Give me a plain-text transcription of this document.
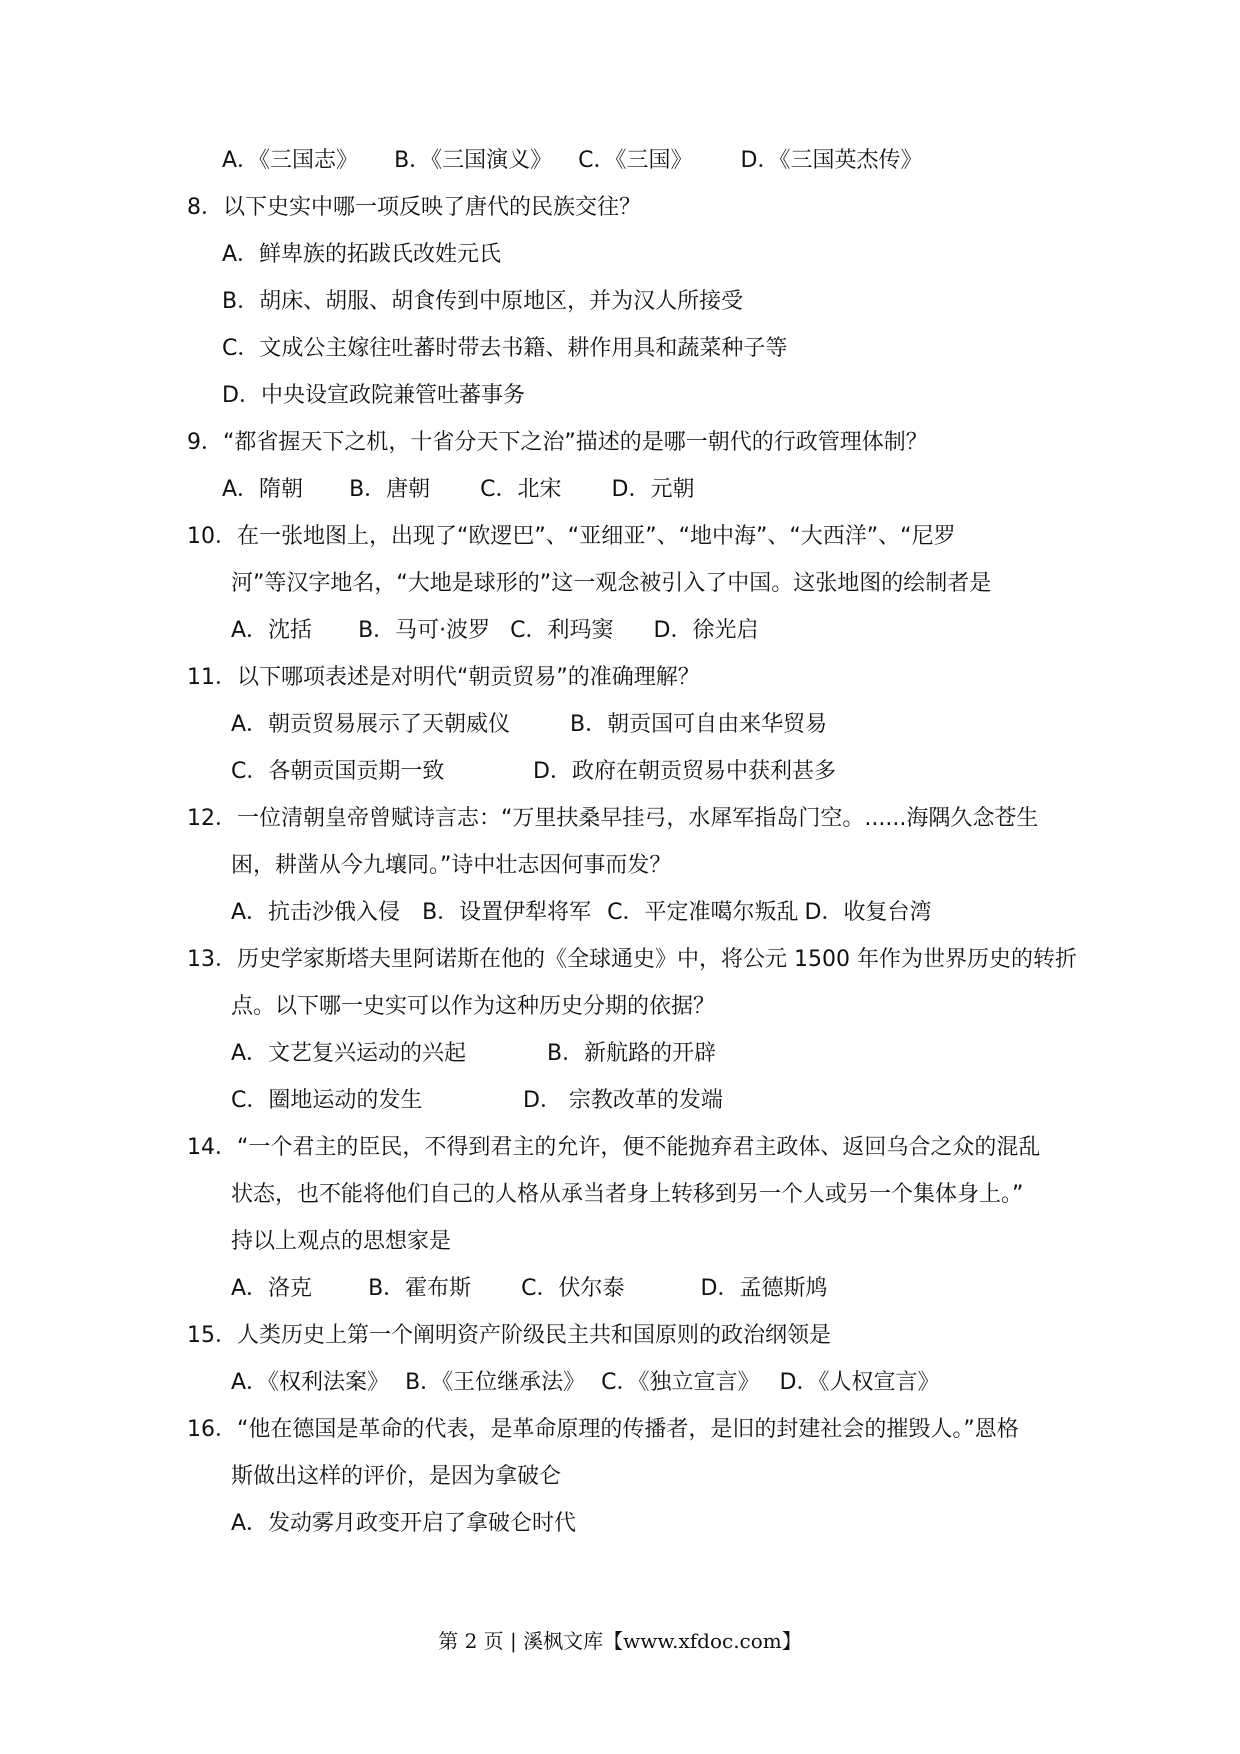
A．《三国志》 B．《三国演义》 C．《三国》 D．《三国英杰传》
8．以下史实中哪一项反映了唐代的民族交往？
A．鲜卑族的拓跋氏改姓元氏
B．胡床、胡服、胡食传到中原地区，并为汉人所接受
C．文成公主嫁往吐蕃时带去书籍、耕作用具和蔬菜种子等
D．中央设宣政院兼管吐蕃事务
9．“都省握天下之机，十省分天下之治”描述的是哪一朝代的行政管理体制？
A．隋朝 B．唐朝 C．北宋 D．元朝
10．在一张地图上，出现了“欧逻巴”、“亚细亚”、“地中海”、“大西洋”、“尼罗
河”等汉字地名，“大地是球形的”这一观念被引入了中国。这张地图的绘制者是
A．沈括 B．马可·波罗 C．利玛窦 D．徐光启
11．以下哪项表述是对明代“朝贡贸易”的准确理解？
A．朝贡贸易展示了天朝威仪	B．朝贡国可自由来华贸易
C．各朝贡国贡期一致	D．政府在朝贡贸易中获利甚多
12．一位清朝皇帝曾赋诗言志：“万里扶桑早挂弓，水犀军指岛门空。......海隅久念苍生
困，耕凿从今九壤同。”诗中壮志因何事而发？
A．抗击沙俄入侵 B．设置伊犁将军 C．平定准噶尔叛乱 D．收复台湾
13．历史学家斯塔夫里阿诺斯在他的《全球通史》中，将公元 1500 年作为世界历史的转折
点。以下哪一史实可以作为这种历史分期的依据？
A．文艺复兴运动的兴起	B．新航路的开辟
C．圈地运动的发生	D． 宗教改革的发端
14．“一个君主的臣民，不得到君主的允许，便不能抛弃君主政体、返回乌合之众的混乱
状态，也不能将他们自己的人格从承当者身上转移到另一个人或另一个集体身上。”
持以上观点的思想家是
A．洛克	B．霍布斯 C．伏尔泰	D．孟德斯鸠
15．人类历史上第一个阐明资产阶级民主共和国原则的政治纲领是
A．《权利法案》 B．《王位继承法》 C．《独立宣言》 D．《人权宣言》
16．“他在德国是革命的代表，是革命原理的传播者，是旧的封建社会的摧毁人。”恩格
斯做出这样的评价，是因为拿破仑
A．发动雾月政变开启了拿破仑时代
第 2 页 | 溪枫文库【www.xfdoc.com】
